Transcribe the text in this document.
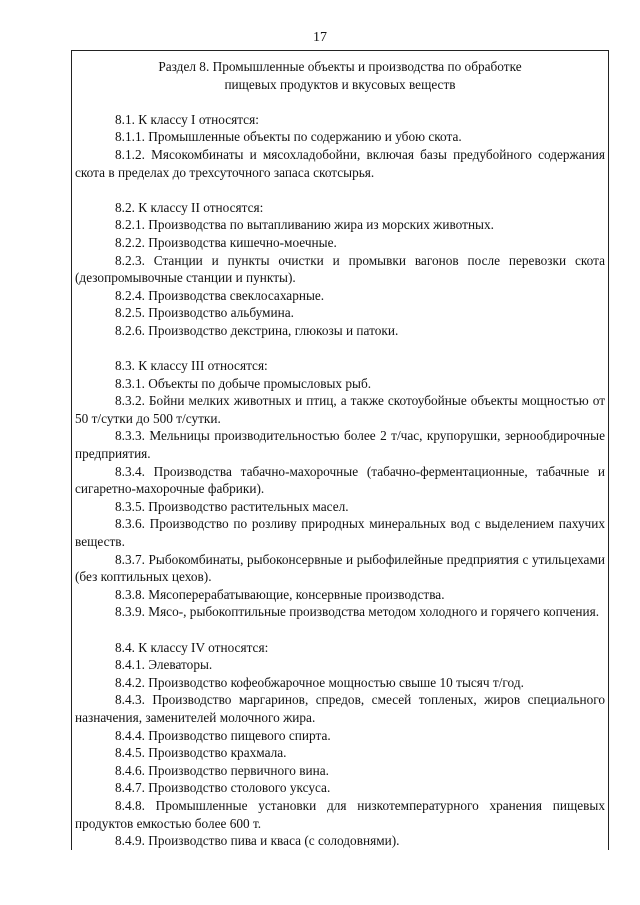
17

Раздел 8. Промышленные объекты и производства по обработке

пищевых продуктов и вкусовых веществ

8.1. К классу I относятся:

8.1.1. Промышленные объекты по содержанию и убою скота.

8.1.2. Мясокомбинаты и мясохладобойни, включая базы предубойного содержания скота в пределах до трехсуточного запаса скотсырья.

8.2. К классу II относятся:

8.2.1. Производства по вытапливанию жира из морских животных.

8.2.2. Производства кишечно-моечные.

8.2.3. Станции и пункты очистки и промывки вагонов после перевозки скота (дезопромывочные станции и пункты).

8.2.4. Производства свеклосахарные.

8.2.5. Производство альбумина.

8.2.6. Производство декстрина, глюкозы и патоки.

8.3. К классу III относятся:

8.3.1. Объекты по добыче промысловых рыб.

8.3.2. Бойни мелких животных и птиц, а также скотоубойные объекты мощностью от 50 т/сутки до 500 т/сутки.

8.3.3. Мельницы производительностью более 2 т/час, крупорушки, зернообдирочные предприятия.

8.3.4. Производства табачно-махорочные (табачно-ферментационные, табачные и сигаретно-махорочные фабрики).

8.3.5. Производство растительных масел.

8.3.6. Производство по розливу природных минеральных вод с выделением пахучих веществ.

8.3.7. Рыбокомбинаты, рыбоконсервные и рыбофилейные предприятия с утильцехами (без коптильных цехов).

8.3.8. Мясоперерабатывающие, консервные производства.

8.3.9. Мясо-, рыбокоптильные производства методом холодного и горячего копчения.

8.4. К классу IV относятся:

8.4.1. Элеваторы.

8.4.2. Производство кофеобжарочное мощностью свыше 10 тысяч т/год.

8.4.3. Производство маргаринов, спредов, смесей топленых, жиров специального назначения, заменителей молочного жира.

8.4.4. Производство пищевого спирта.

8.4.5. Производство крахмала.

8.4.6. Производство первичного вина.

8.4.7. Производство столового уксуса.

8.4.8. Промышленные установки для низкотемпературного хранения пищевых продуктов емкостью более 600 т.

8.4.9. Производство пива и кваса (с солодовнями).
